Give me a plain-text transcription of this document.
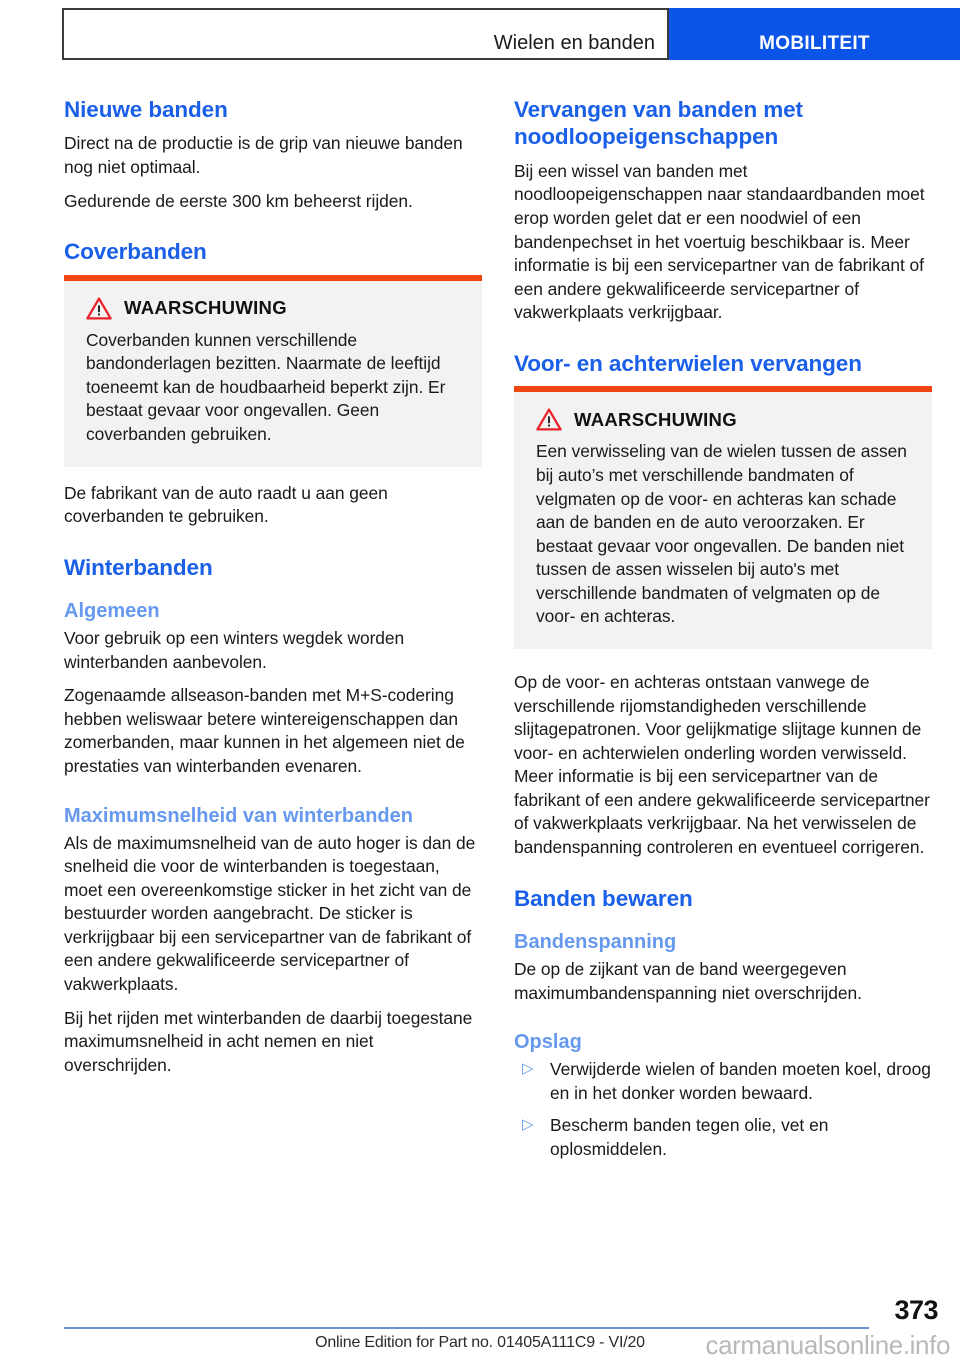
Wielen en banden	MOBILITEIT
Nieuwe banden

Direct na de productie is de grip van nieuwe banden nog niet optimaal.

Gedurende de eerste 300 km beheerst rijden.

Coverbanden
WAARSCHUWING

Coverbanden kunnen verschillende bandonderlagen bezitten. Naarmate de leeftijd toeneemt kan de houdbaarheid beperkt zijn. Er bestaat gevaar voor ongevallen. Geen coverbanden gebruiken.

De fabrikant van de auto raadt u aan geen coverbanden te gebruiken.

Winterbanden
Algemeen

Voor gebruik op een winters wegdek worden winterbanden aanbevolen.

Zogenaamde allseason-banden met M+S-codering hebben weliswaar betere wintereigenschappen dan zomerbanden, maar kunnen in het algemeen niet de prestaties van winterbanden evenaren.

Maximumsnelheid van winterbanden

Als de maximumsnelheid van de auto hoger is dan de snelheid die voor de winterbanden is toegestaan, moet een overeenkomstige sticker in het zicht van de bestuurder worden aangebracht. De sticker is verkrijgbaar bij een servicepartner van de fabrikant of een andere gekwalificeerde servicepartner of vakwerkplaats.

Bij het rijden met winterbanden de daarbij toegestane maximumsnelheid in acht nemen en niet overschrijden.

Vervangen van banden met noodloopeigenschappen

Bij een wissel van banden met noodloopeigenschappen naar standaardbanden moet erop worden gelet dat er een noodwiel of een bandenpechset in het voertuig beschikbaar is. Meer informatie is bij een servicepartner van de fabrikant of een andere gekwalificeerde servicepartner of vakwerkplaats verkrijgbaar.

Voor- en achterwielen vervangen
WAARSCHUWING

Een verwisseling van de wielen tussen de assen bij auto’s met verschillende bandmaten of velgmaten op de voor- en achteras kan schade aan de banden en de auto veroorzaken. Er bestaat gevaar voor ongevallen. De banden niet tussen de assen wisselen bij auto's met verschillende bandmaten of velgmaten op de voor- en achteras.

Op de voor- en achteras ontstaan vanwege de verschillende rijomstandigheden verschillende slijtagepatronen. Voor gelijkmatige slijtage kunnen de voor- en achterwielen onderling worden verwisseld. Meer informatie is bij een servicepartner van de fabrikant of een andere gekwalificeerde servicepartner of vakwerkplaats verkrijgbaar. Na het verwisselen de bandenspanning controleren en eventueel corrigeren.

Banden bewaren
Bandenspanning

De op de zijkant van de band weergegeven maximumbandenspanning niet overschrijden.

Opslag
▷ Verwijderde wielen of banden moeten koel, droog en in het donker worden bewaard.
▷ Bescherm banden tegen olie, vet en oplosmiddelen.
373
Online Edition for Part no. 01405A111C9 - VI/20	carmanualsonline.info
